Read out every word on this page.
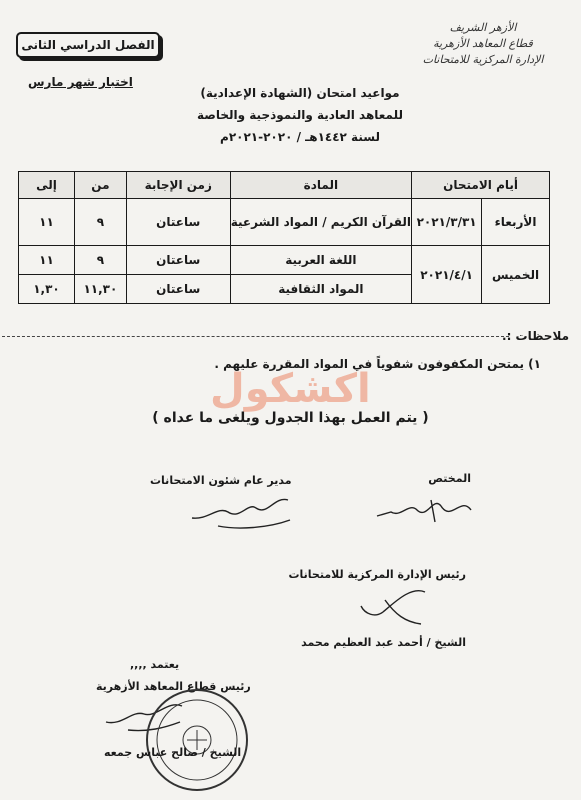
الفصل الدراسي الثانى
اختبار شهر مارس
الأزهر الشريف
قطاع المعاهد الأزهرية
الإدارة المركزية للامتحانات
مواعيد امتحان (الشهادة الإعدادية)
للمعاهد العادية والنموذجية والخاصة
لسنة ١٤٤٢هـ / ٢٠٢٠-٢٠٢١م
أيام الامتحان		المادة	زمن الإجابة	من	إلى
الأربعاء	٢٠٢١/٣/٣١	القرآن الكريم / المواد الشرعية	ساعتان	٩	١١
الخميس	٢٠٢١/٤/١	اللغة العربية	ساعتان	٩	١١
		المواد الثقافية	ساعتان	١١,٣٠	١,٣٠
ملاحظات :.
١) يمتحن المكفوفون شفوياً في المواد المقررة عليهم .
اكشكول
( يتم العمل بهذا الجدول ويلغى ما عداه )
المختص
مدير عام شئون الامتحانات
رئيس الإدارة المركزية للامتحانات
الشيخ / أحمد عبد العظيم محمد
يعتمد ,,,,
رئيس قطاع المعاهد الأزهرية
الشيخ / صالح عباس جمعه
